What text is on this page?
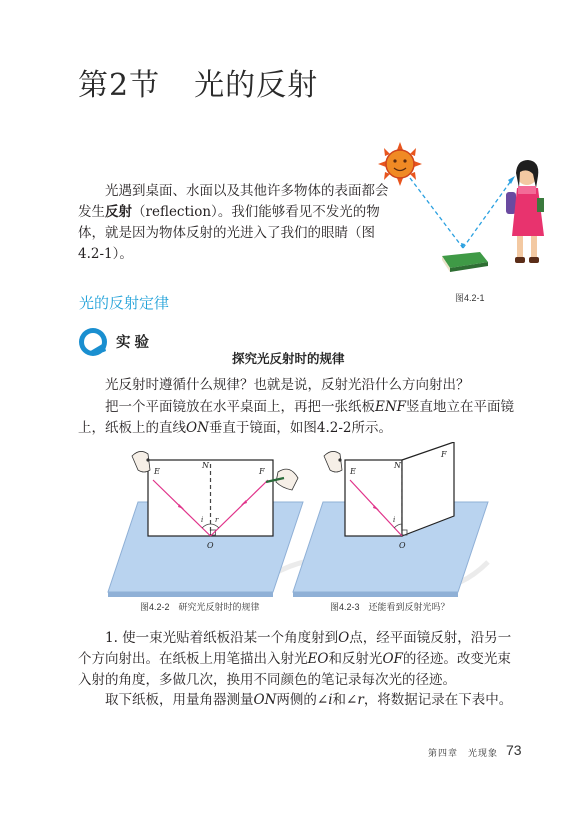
第2节 光的反射
光遇到桌面、水面以及其他许多物体的表面都会发生反射（reflection）。我们能够看见不发光的物体，就是因为物体反射的光进入了我们的眼睛（图4.2-1）。
图4.2-1
光的反射定律
实验
探究光反射时的规律
光反射时遵循什么规律？也就是说，反射光沿什么方向射出？
把一个平面镜放在水平桌面上，再把一张纸板ENF竖直地立在平面镜上，纸板上的直线ON垂直于镜面，如图4.2-2所示。
N
E	F
O
i r
N
E
F
O
i
图4.2-2　研究光反射时的规律	图4.2-3　还能看到反射光吗？
1. 使一束光贴着纸板沿某一个角度射到O点，经平面镜反射，沿另一个方向射出。在纸板上用笔描出入射光EO和反射光OF的径迹。改变光束入射的角度，多做几次，换用不同颜色的笔记录每次光的径迹。
取下纸板，用量角器测量ON两侧的∠i和∠r，将数据记录在下表中。
第四章　光现象 73
